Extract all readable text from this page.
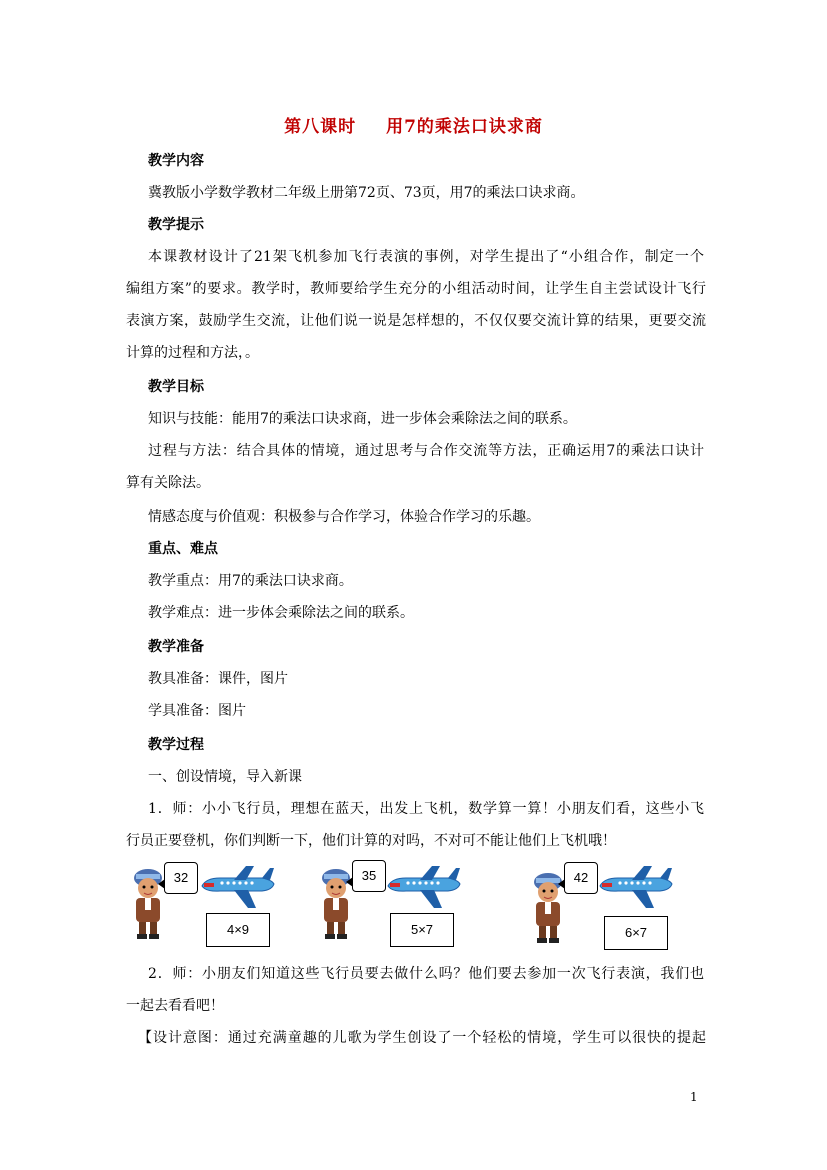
第八课时 用7的乘法口诀求商
教学内容
冀教版小学数学教材二年级上册第72页、73页，用7的乘法口诀求商。
教学提示
本课教材设计了21架飞机参加飞行表演的事例，对学生提出了“小组合作，制定一个
编组方案”的要求。教学时，教师要给学生充分的小组活动时间，让学生自主尝试设计飞行
表演方案，鼓励学生交流，让他们说一说是怎样想的，不仅仅要交流计算的结果，更要交流
计算的过程和方法，。
教学目标
知识与技能：能用7的乘法口诀求商，进一步体会乘除法之间的联系。
过程与方法：结合具体的情境，通过思考与合作交流等方法，正确运用7的乘法口诀计
算有关除法。
情感态度与价值观：积极参与合作学习，体验合作学习的乐趣。
重点、难点
教学重点：用7的乘法口诀求商。
教学难点：进一步体会乘除法之间的联系。
教学准备
教具准备：课件，图片
学具准备：图片
教学过程
一、创设情境，导入新课
1．师：小小飞行员，理想在蓝天，出发上飞机，数学算一算！小朋友们看，这些小飞
行员正要登机，你们判断一下，他们计算的对吗，不对可不能让他们上飞机哦！
32
4×9
35
5×7
42
6×7
2．师：小朋友们知道这些飞行员要去做什么吗？他们要去参加一次飞行表演，我们也
一起去看看吧！
【设计意图：通过充满童趣的儿歌为学生创设了一个轻松的情境，学生可以很快的提起
1
